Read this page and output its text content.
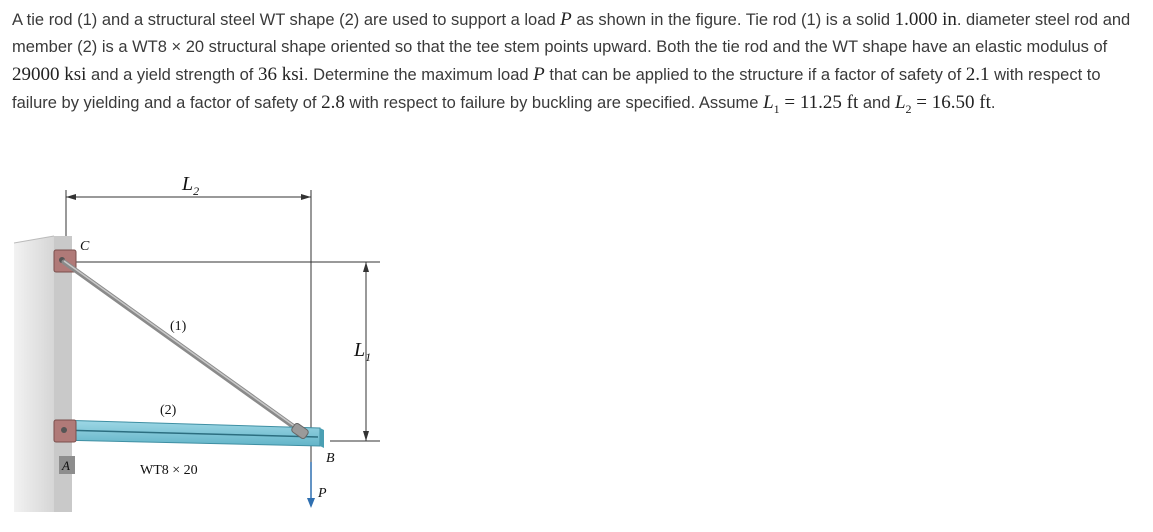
A tie rod (1) and a structural steel WT shape (2) are used to support a load P as shown in the figure. Tie rod (1) is a solid 1.000 in. diameter steel rod and member (2) is a WT8 × 20 structural shape oriented so that the tee stem points upward. Both the tie rod and the WT shape have an elastic modulus of 29000 ksi and a yield strength of 36 ksi. Determine the maximum load P that can be applied to the structure if a factor of safety of 2.1 with respect to failure by yielding and a factor of safety of 2.8 with respect to failure by buckling are specified. Assume $L_1 = 11.25$ ft and $L_2 = 16.50$ ft.
$L_2$
$L_1$
C
(1)
(2)
A	B
P
WT8 × 20
